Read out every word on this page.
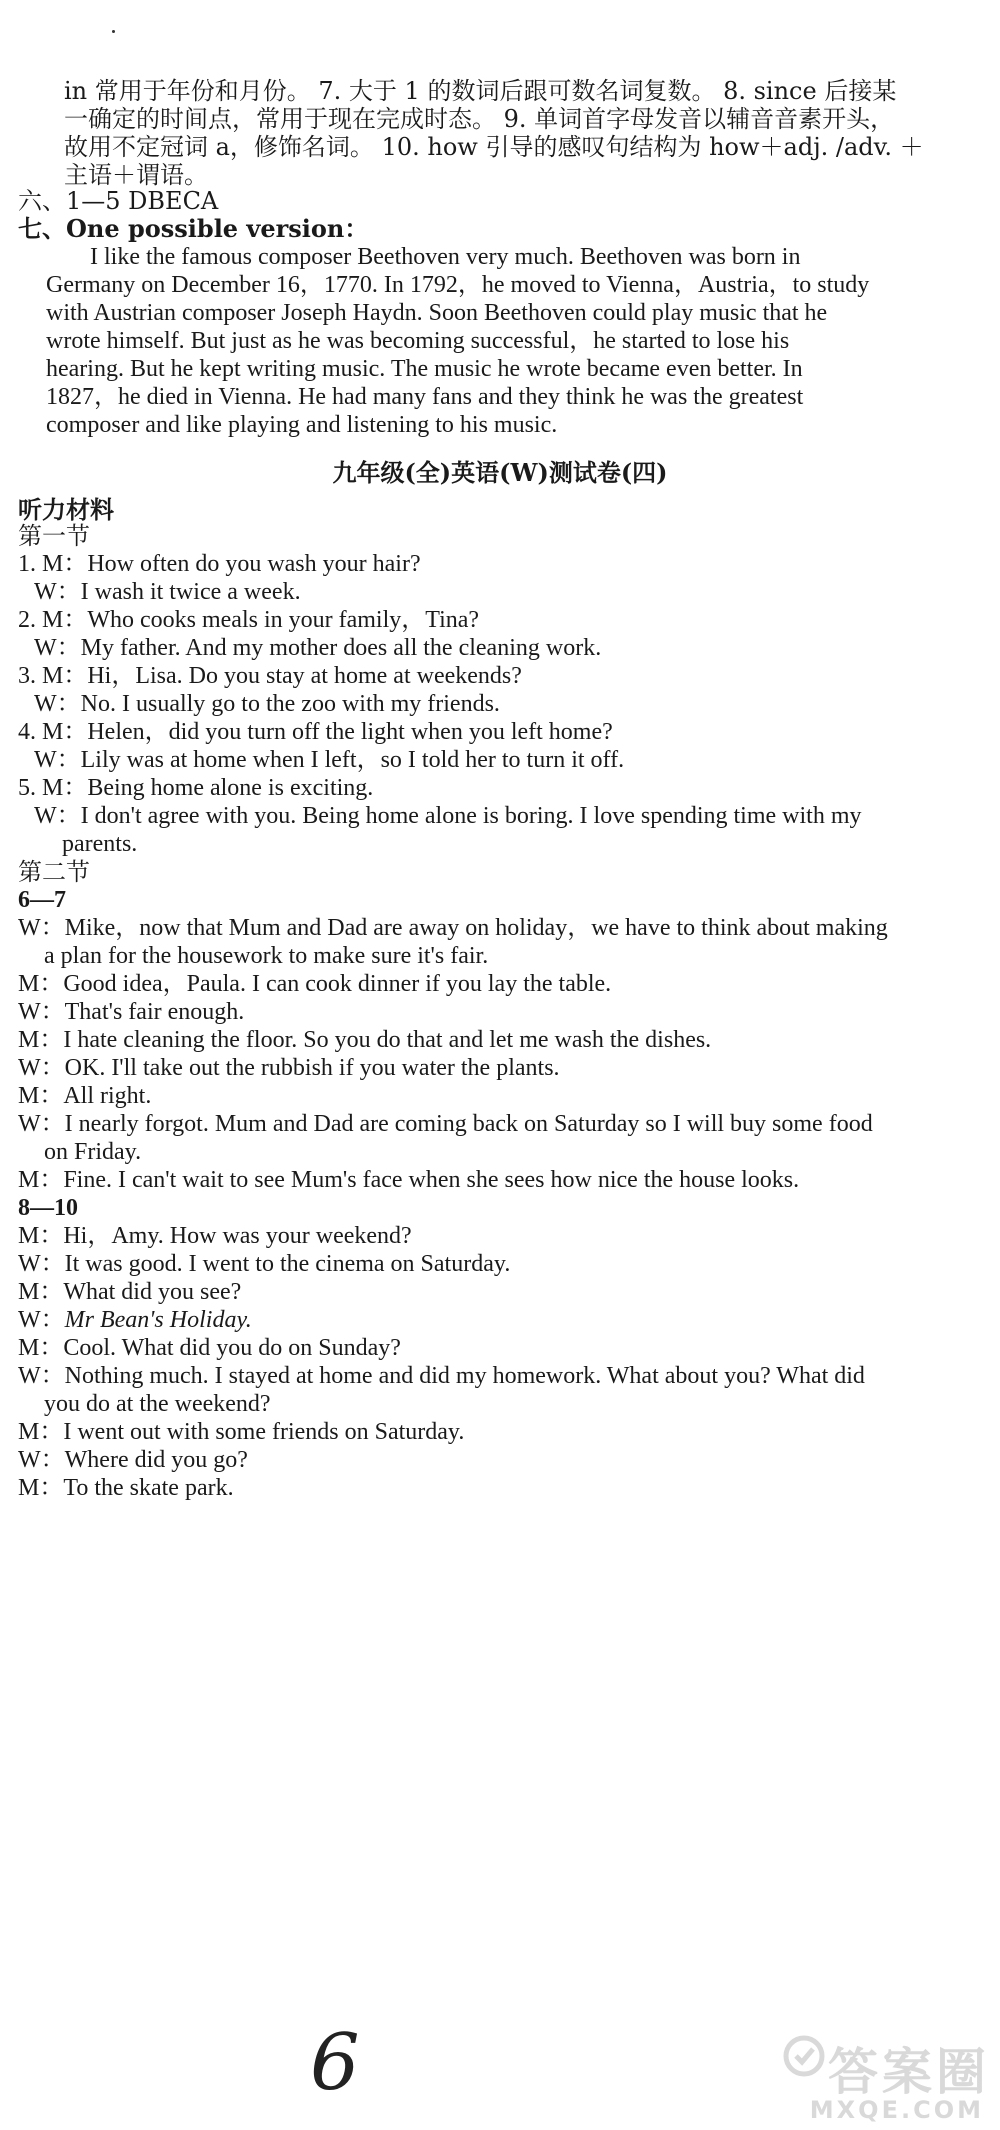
in 常用于年份和月份。 7. 大于 1 的数词后跟可数名词复数。 8. since 后接某
一确定的时间点，常用于现在完成时态。 9. 单词首字母发音以辅音音素开头，
故用不定冠词 a，修饰名词。 10. how 引导的感叹句结构为 how＋adj. /adv. ＋
主语＋谓语。
六、1—5 DBECA
七、One possible version：
I like the famous composer Beethoven very much. Beethoven was born in
Germany on December 16，1770. In 1792，he moved to Vienna，Austria，to study
with Austrian composer Joseph Haydn. Soon Beethoven could play music that he
wrote himself. But just as he was becoming successful，he started to lose his
hearing. But he kept writing music. The music he wrote became even better. In
1827，he died in Vienna. He had many fans and they think he was the greatest
composer and like playing and listening to his music.
九年级(全)英语(W)测试卷(四)
听力材料
第一节
1. M：How often do you wash your hair?
W：I wash it twice a week.
2. M：Who cooks meals in your family，Tina?
W：My father. And my mother does all the cleaning work.
3. M：Hi，Lisa. Do you stay at home at weekends?
W：No. I usually go to the zoo with my friends.
4. M：Helen，did you turn off the light when you left home?
W：Lily was at home when I left，so I told her to turn it off.
5. M：Being home alone is exciting.
W：I don't agree with you. Being home alone is boring. I love spending time with my
parents.
第二节
6—7
W：Mike，now that Mum and Dad are away on holiday，we have to think about making
a plan for the housework to make sure it's fair.
M：Good idea，Paula. I can cook dinner if you lay the table.
W：That's fair enough.
M：I hate cleaning the floor. So you do that and let me wash the dishes.
W：OK. I'll take out the rubbish if you water the plants.
M：All right.
W：I nearly forgot. Mum and Dad are coming back on Saturday so I will buy some food
on Friday.
M：Fine. I can't wait to see Mum's face when she sees how nice the house looks.
8—10
M：Hi，Amy. How was your weekend?
W：It was good. I went to the cinema on Saturday.
M：What did you see?
W：Mr Bean's Holiday.
M：Cool. What did you do on Sunday?
W：Nothing much. I stayed at home and did my homework. What about you? What did
you do at the weekend?
M：I went out with some friends on Saturday.
W：Where did you go?
M：To the skate park.
6	答案圈
MXQE.COM
